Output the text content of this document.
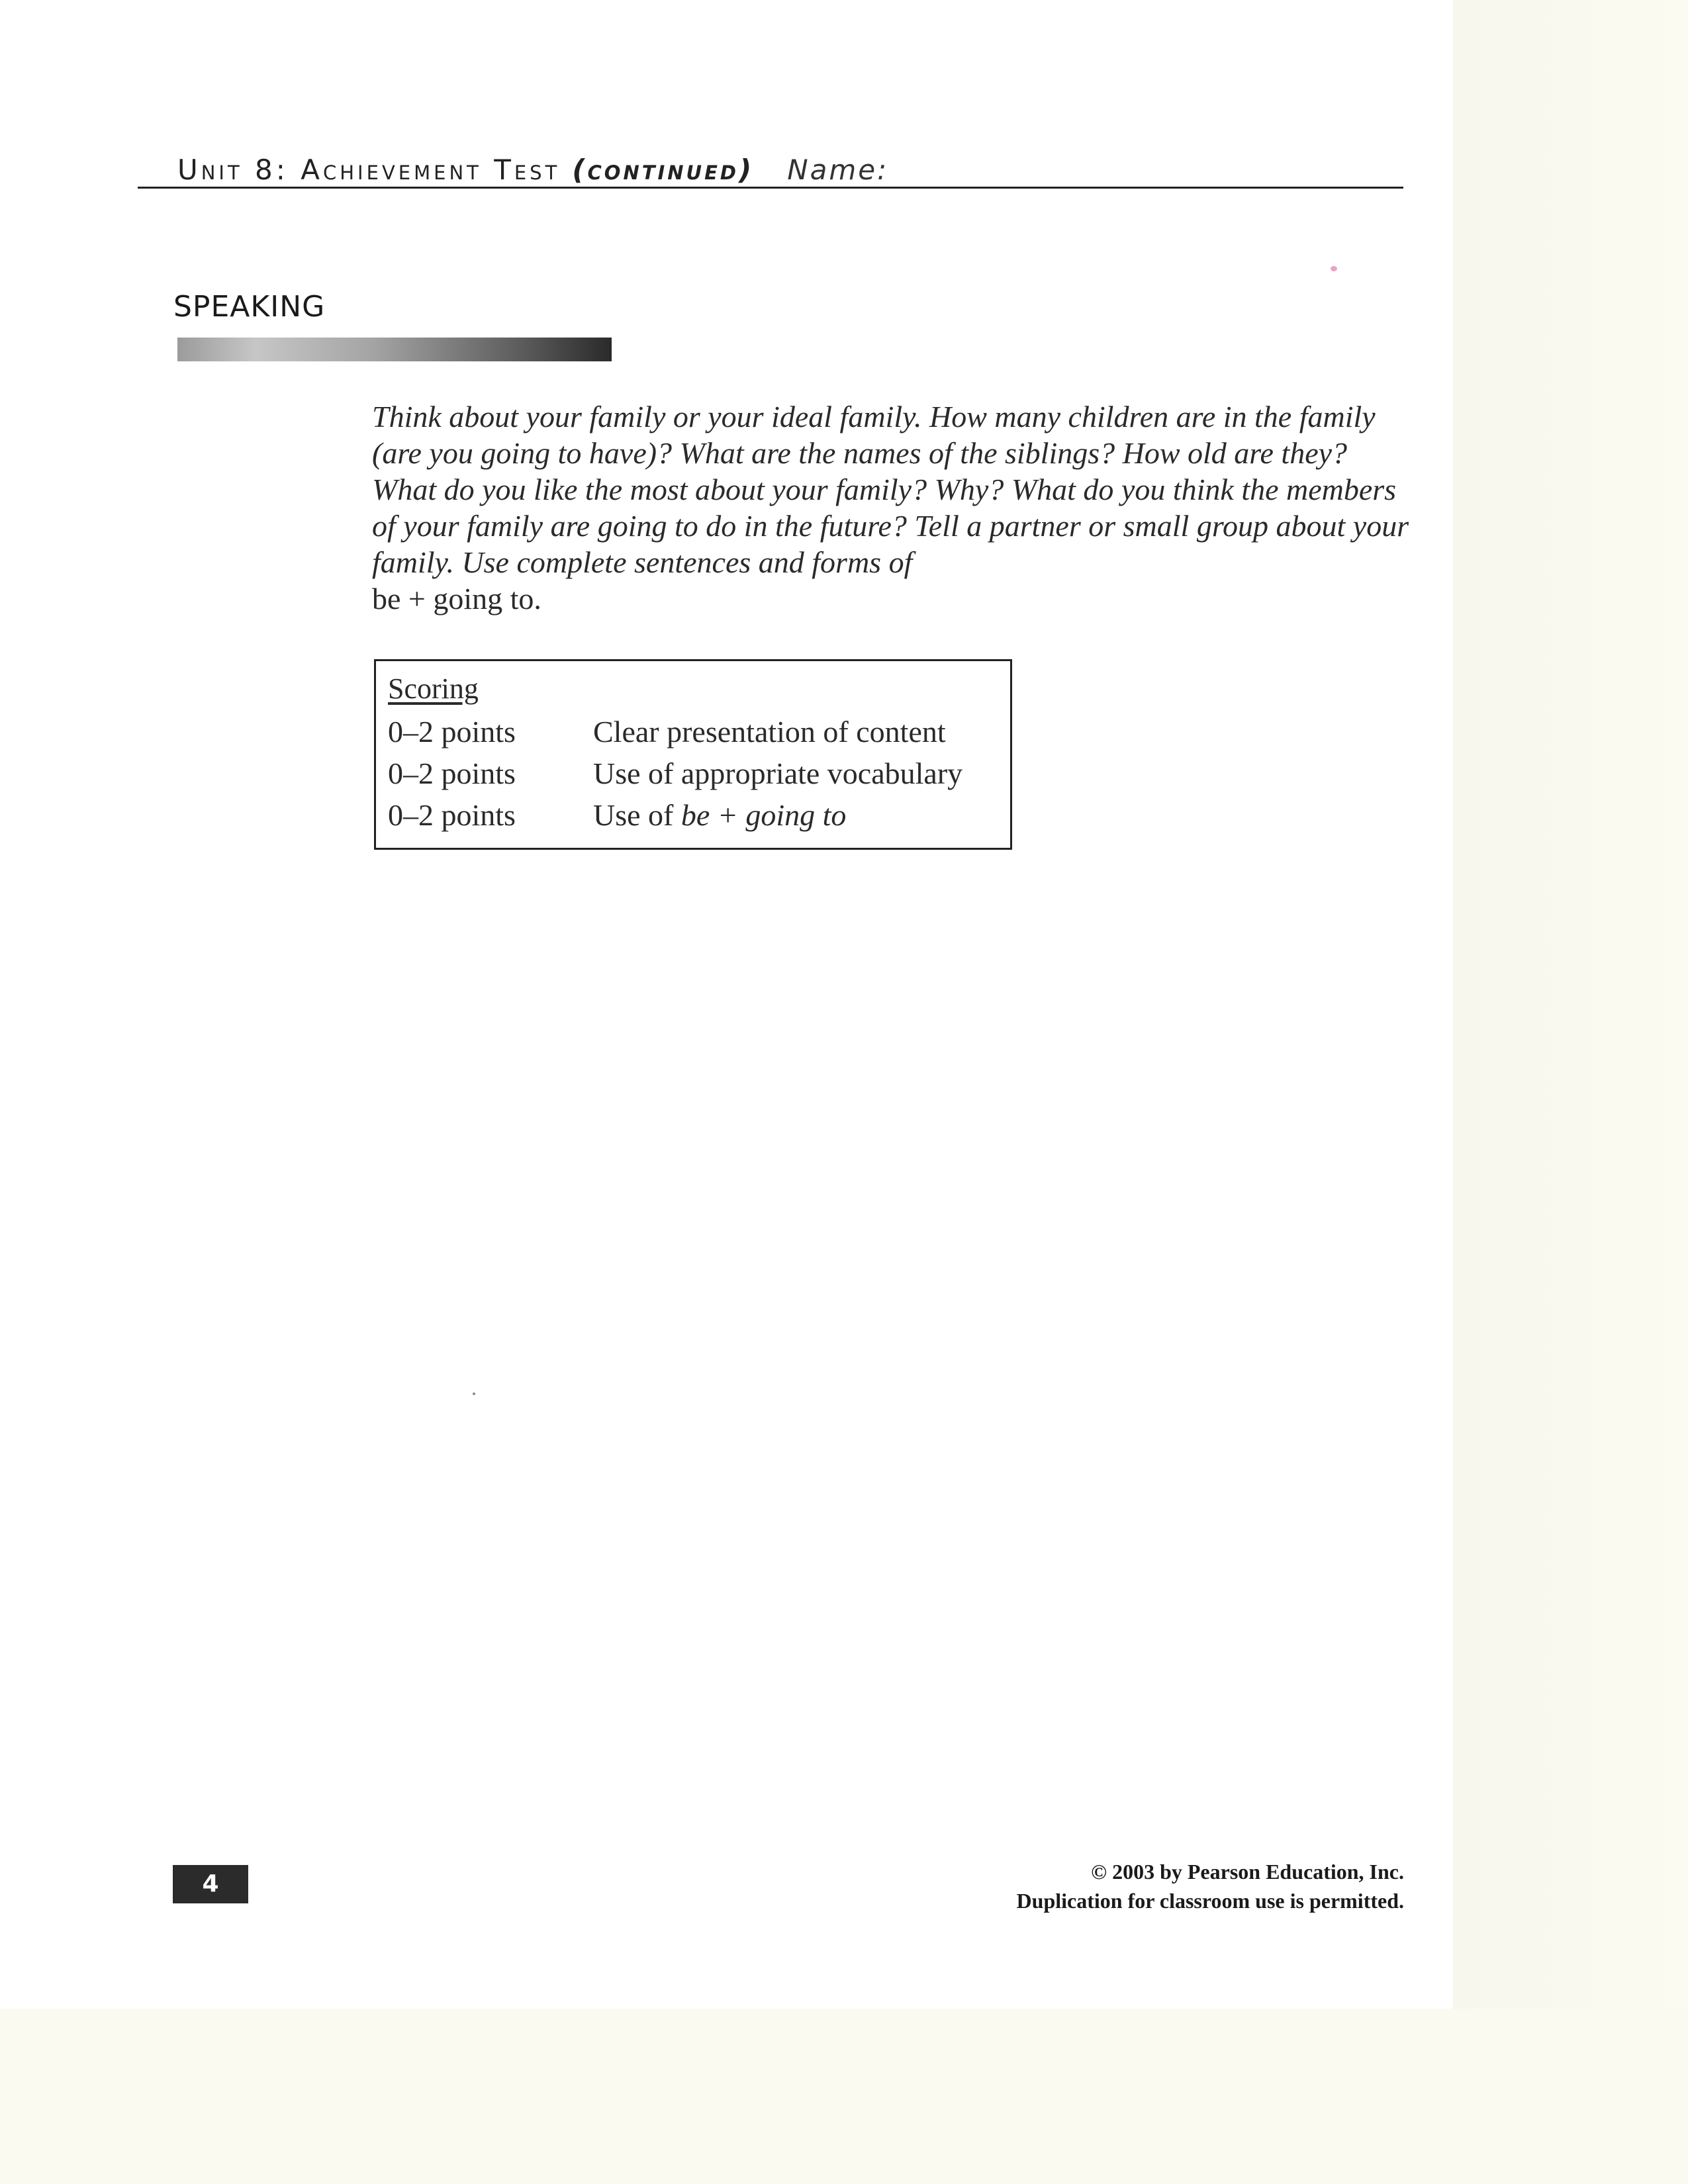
Unit 8: Achievement Test (continued) Name:
SPEAKING
Think about your family or your ideal family. How many children are in the family (are you going to have)? What are the names of the siblings? How old are they? What do you like the most about your family? Why? What do you think the members of your family are going to do in the future? Tell a partner or small group about your family. Use complete sentences and forms of
be + going to.
Scoring
0–2 points	Clear presentation of content
0–2 points	Use of appropriate vocabulary
0–2 points	Use of be + going to
4	© 2003 by Pearson Education, Inc.
Duplication for classroom use is permitted.
